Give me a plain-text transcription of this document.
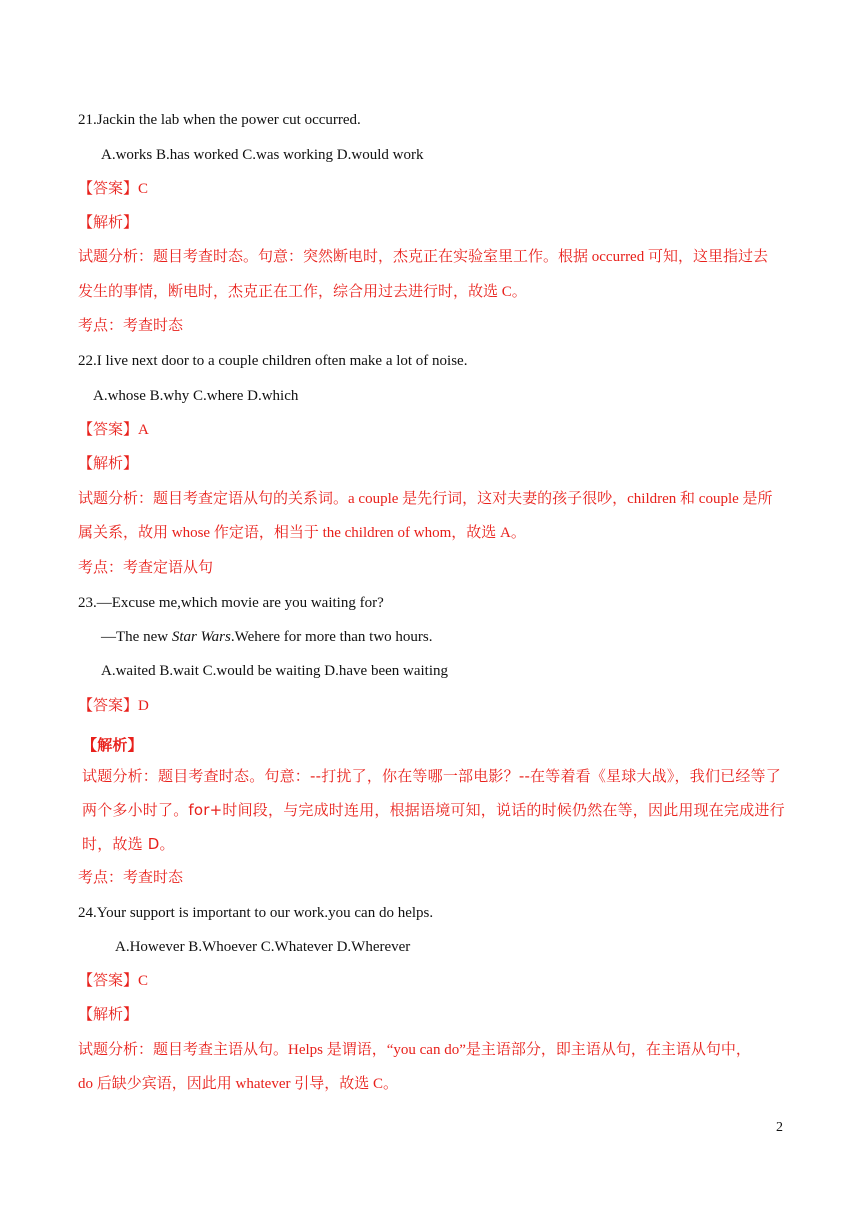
21.Jackin the lab when the power cut occurred.
A.works B.has worked C.was working D.would work
【答案】C
【解析】
试题分析：题目考查时态。句意：突然断电时，杰克正在实验室里工作。根据 occurred 可知，这里指过去
发生的事情，断电时，杰克正在工作，综合用过去进行时，故选 C。
考点：考查时态
22.I live next door to a couple children often make a lot of noise.
A.whose B.why C.where D.which
【答案】A
【解析】
试题分析：题目考查定语从句的关系词。a couple 是先行词，这对夫妻的孩子很吵，children 和 couple 是所
属关系，故用 whose 作定语，相当于 the children of whom，故选 A。
考点：考查定语从句
23.—Excuse me,which movie are you waiting for?
—The new Star Wars.Wehere for more than two hours.
A.waited B.wait C.would be waiting D.have been waiting
【答案】D
【解析】
试题分析：题目考查时态。句意：--打扰了，你在等哪一部电影？--在等着看《星球大战》，我们已经等了
两个多小时了。for+时间段，与完成时连用，根据语境可知，说话的时候仍然在等，因此用现在完成进行
时，故选 D。
考点：考查时态
24.Your support is important to our work.you can do helps.
A.However B.Whoever C.Whatever D.Wherever
【答案】C
【解析】
试题分析：题目考查主语从句。Helps 是谓语，“you can do”是主语部分，即主语从句，在主语从句中，
do 后缺少宾语，因此用 whatever 引导，故选 C。
2
